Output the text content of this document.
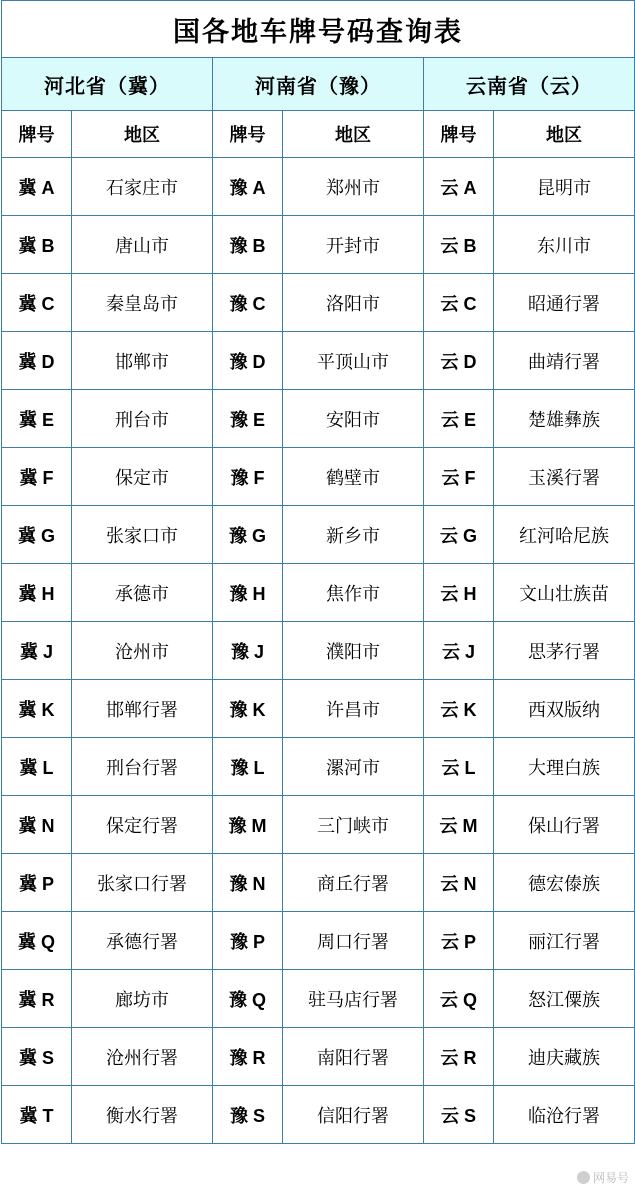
国各地车牌号码查询表					
河北省（冀）		河南省（豫）		云南省（云）	
牌号	地区	牌号	地区	牌号	地区
冀 A	石家庄市	豫 A	郑州市	云 A	昆明市
冀 B	唐山市	豫 B	开封市	云 B	东川市
冀 C	秦皇岛市	豫 C	洛阳市	云 C	昭通行署
冀 D	邯郸市	豫 D	平顶山市	云 D	曲靖行署
冀 E	刑台市	豫 E	安阳市	云 E	楚雄彝族
冀 F	保定市	豫 F	鹤壁市	云 F	玉溪行署
冀 G	张家口市	豫 G	新乡市	云 G	红河哈尼族
冀 H	承德市	豫 H	焦作市	云 H	文山壮族苗
冀 J	沧州市	豫 J	濮阳市	云 J	思茅行署
冀 K	邯郸行署	豫 K	许昌市	云 K	西双版纳
冀 L	刑台行署	豫 L	漯河市	云 L	大理白族
冀 N	保定行署	豫 M	三门峡市	云 M	保山行署
冀 P	张家口行署	豫 N	商丘行署	云 N	德宏傣族
冀 Q	承德行署	豫 P	周口行署	云 P	丽江行署
冀 R	廊坊市	豫 Q	驻马店行署	云 Q	怒江僳族
冀 S	沧州行署	豫 R	南阳行署	云 R	迪庆藏族
冀 T	衡水行署	豫 S	信阳行署	云 S	临沧行署
网易号
